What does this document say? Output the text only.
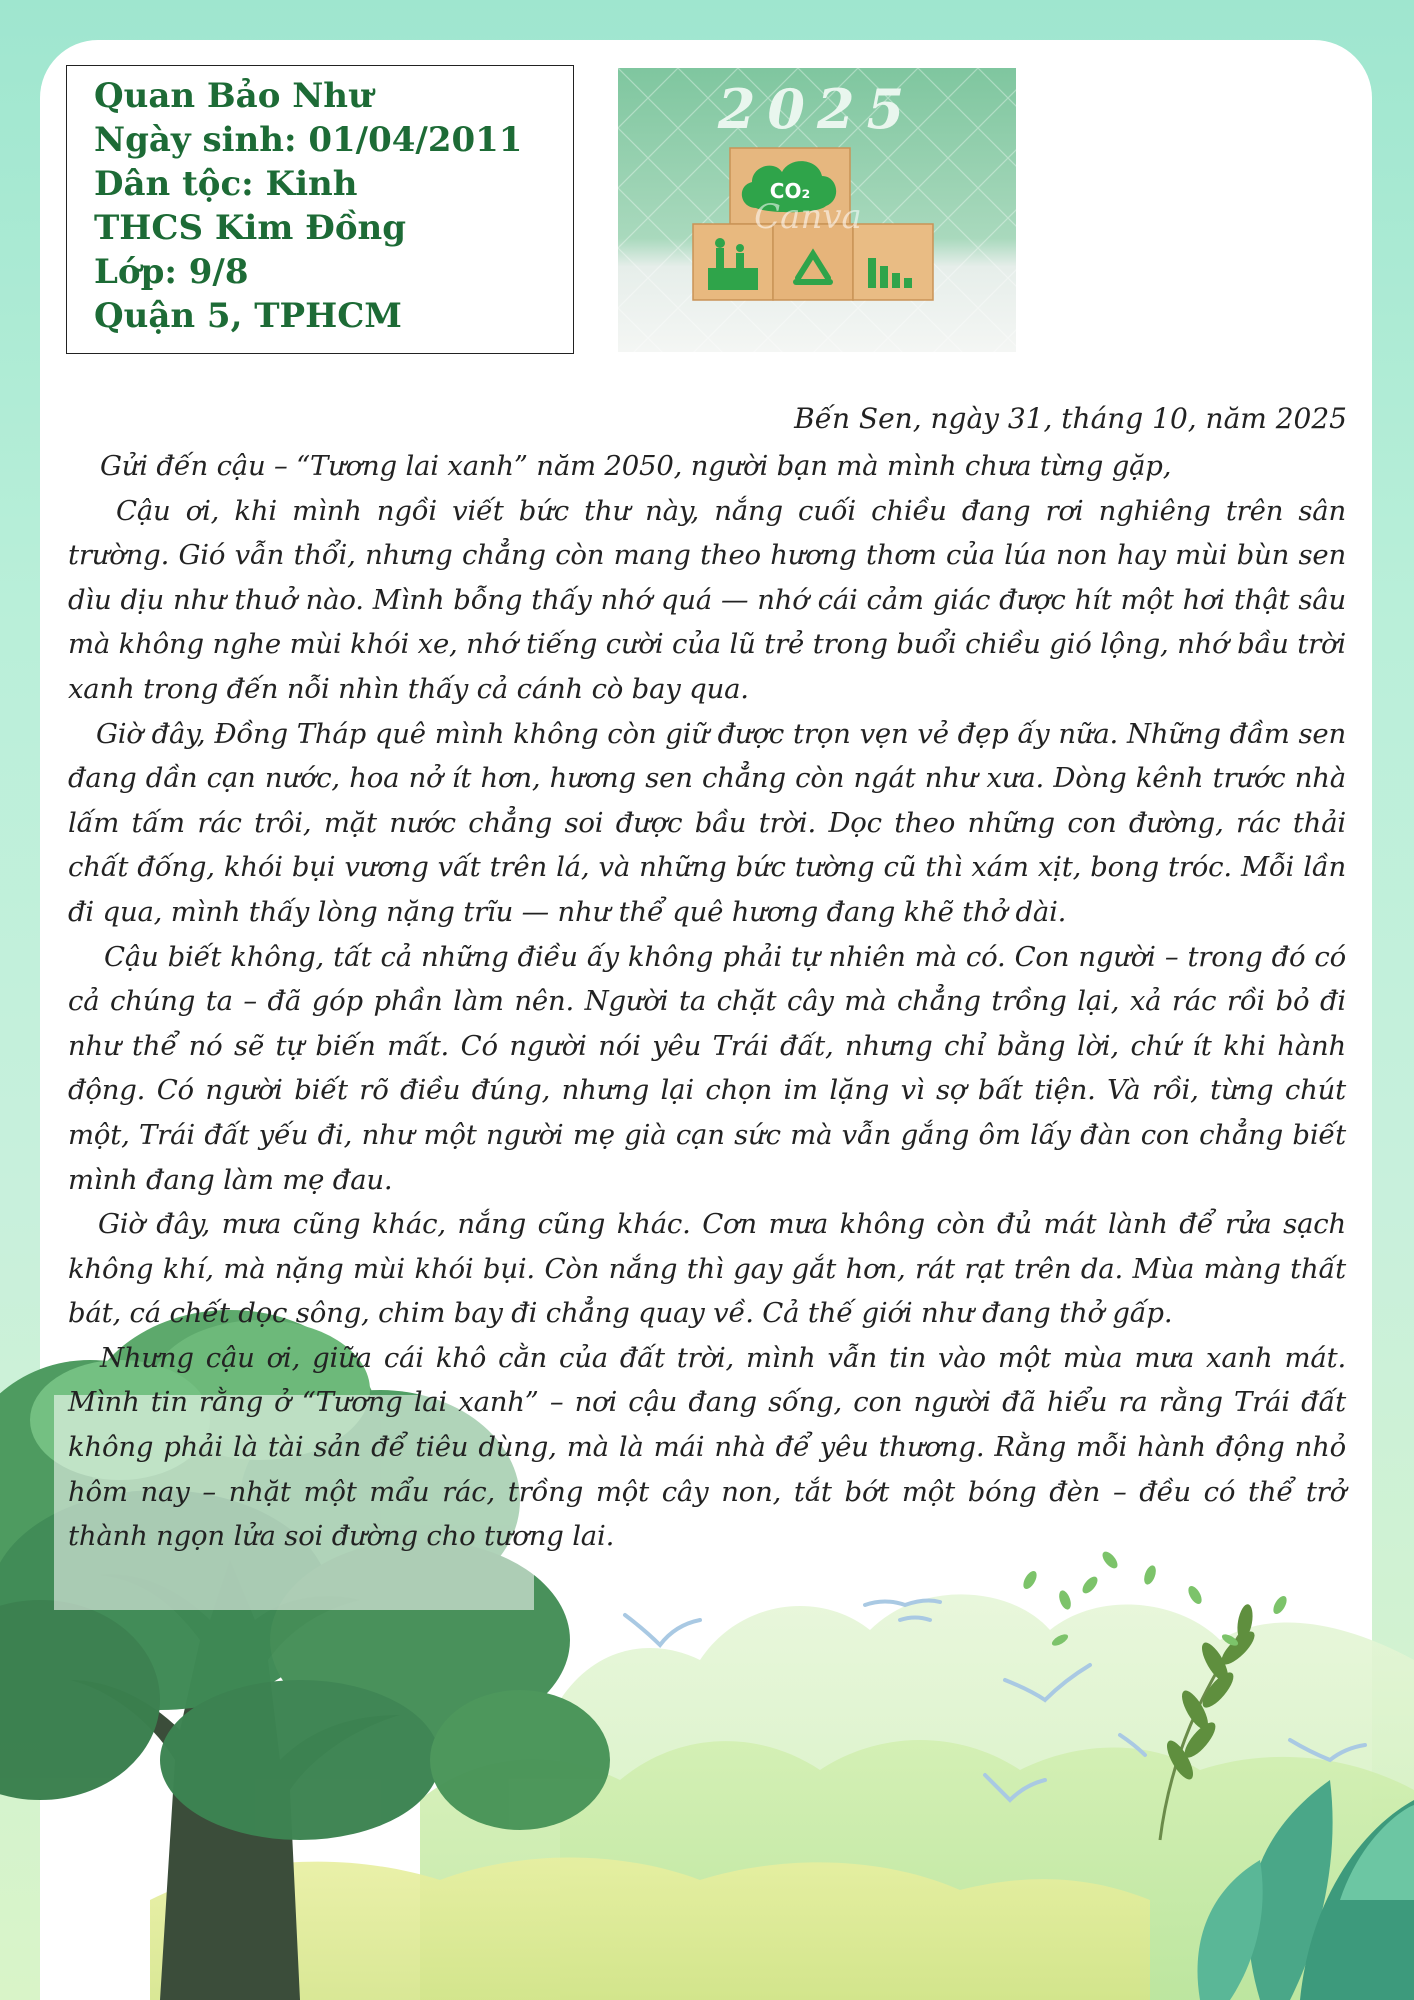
Quan Bảo Như
Ngày sinh: 01/04/2011
Dân tộc: Kinh
THCS Kim Đồng
Lớp: 9/8
Quận 5, TPHCM
CO₂
2025
Canva
Bến Sen, ngày 31, tháng 10, năm 2025

Gửi đến cậu – “Tương lai xanh” năm 2050, người bạn mà mình chưa từng gặp,

Cậu ơi, khi mình ngồi viết bức thư này, nắng cuối chiều đang rơi nghiêng trên sân trường. Gió vẫn thổi, nhưng chẳng còn mang theo hương thơm của lúa non hay mùi bùn sen dìu dịu như thuở nào. Mình bỗng thấy nhớ quá — nhớ cái cảm giác được hít một hơi thật sâu mà không nghe mùi khói xe, nhớ tiếng cười của lũ trẻ trong buổi chiều gió lộng, nhớ bầu trời xanh trong đến nỗi nhìn thấy cả cánh cò bay qua.

Giờ đây, Đồng Tháp quê mình không còn giữ được trọn vẹn vẻ đẹp ấy nữa. Những đầm sen đang dần cạn nước, hoa nở ít hơn, hương sen chẳng còn ngát như xưa. Dòng kênh trước nhà lấm tấm rác trôi, mặt nước chẳng soi được bầu trời. Dọc theo những con đường, rác thải chất đống, khói bụi vương vất trên lá, và những bức tường cũ thì xám xịt, bong tróc. Mỗi lần đi qua, mình thấy lòng nặng trĩu — như thể quê hương đang khẽ thở dài.

Cậu biết không, tất cả những điều ấy không phải tự nhiên mà có. Con người – trong đó có cả chúng ta – đã góp phần làm nên. Người ta chặt cây mà chẳng trồng lại, xả rác rồi bỏ đi như thể nó sẽ tự biến mất. Có người nói yêu Trái đất, nhưng chỉ bằng lời, chứ ít khi hành động. Có người biết rõ điều đúng, nhưng lại chọn im lặng vì sợ bất tiện. Và rồi, từng chút một, Trái đất yếu đi, như một người mẹ già cạn sức mà vẫn gắng ôm lấy đàn con chẳng biết mình đang làm mẹ đau.

Giờ đây, mưa cũng khác, nắng cũng khác. Cơn mưa không còn đủ mát lành để rửa sạch không khí, mà nặng mùi khói bụi. Còn nắng thì gay gắt hơn, rát rạt trên da. Mùa màng thất bát, cá chết dọc sông, chim bay đi chẳng quay về. Cả thế giới như đang thở gấp.

Nhưng cậu ơi, giữa cái khô cằn của đất trời, mình vẫn tin vào một mùa mưa xanh mát. Mình tin rằng ở “Tương lai xanh” – nơi cậu đang sống, con người đã hiểu ra rằng Trái đất không phải là tài sản để tiêu dùng, mà là mái nhà để yêu thương. Rằng mỗi hành động nhỏ hôm nay – nhặt một mẩu rác, trồng một cây non, tắt bớt một bóng đèn – đều có thể trở thành ngọn lửa soi đường cho tương lai.
